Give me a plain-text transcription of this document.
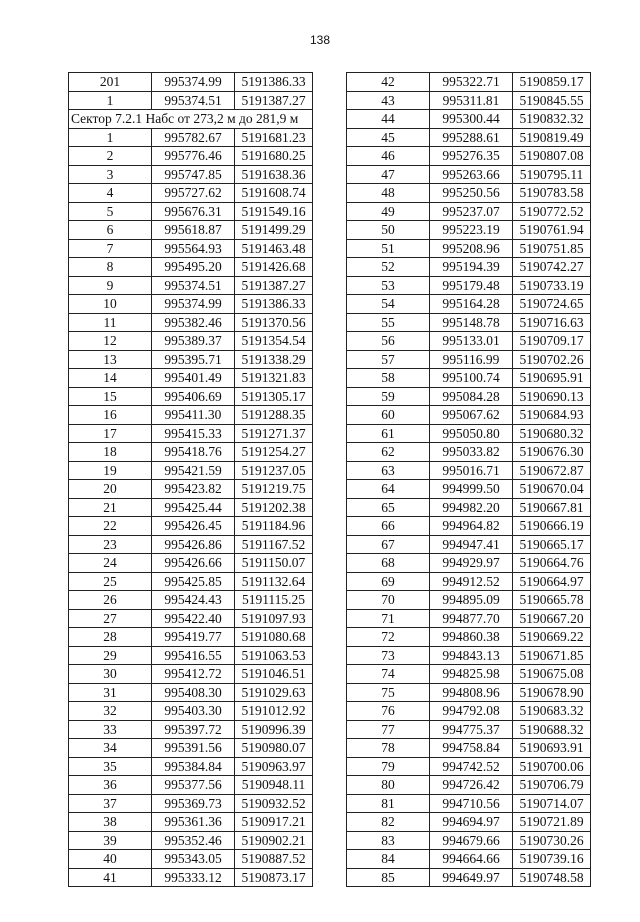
138
201	995374.99	5191386.33
1	995374.51	5191387.27
Сектор 7.2.1 Набс от 273,2 м до 281,9 м		
1	995782.67	5191681.23
2	995776.46	5191680.25
3	995747.85	5191638.36
4	995727.62	5191608.74
5	995676.31	5191549.16
6	995618.87	5191499.29
7	995564.93	5191463.48
8	995495.20	5191426.68
9	995374.51	5191387.27
10	995374.99	5191386.33
11	995382.46	5191370.56
12	995389.37	5191354.54
13	995395.71	5191338.29
14	995401.49	5191321.83
15	995406.69	5191305.17
16	995411.30	5191288.35
17	995415.33	5191271.37
18	995418.76	5191254.27
19	995421.59	5191237.05
20	995423.82	5191219.75
21	995425.44	5191202.38
22	995426.45	5191184.96
23	995426.86	5191167.52
24	995426.66	5191150.07
25	995425.85	5191132.64
26	995424.43	5191115.25
27	995422.40	5191097.93
28	995419.77	5191080.68
29	995416.55	5191063.53
30	995412.72	5191046.51
31	995408.30	5191029.63
32	995403.30	5191012.92
33	995397.72	5190996.39
34	995391.56	5190980.07
35	995384.84	5190963.97
36	995377.56	5190948.11
37	995369.73	5190932.52
38	995361.36	5190917.21
39	995352.46	5190902.21
40	995343.05	5190887.52
41	995333.12	5190873.17
42	995322.71	5190859.17
43	995311.81	5190845.55
44	995300.44	5190832.32
45	995288.61	5190819.49
46	995276.35	5190807.08
47	995263.66	5190795.11
48	995250.56	5190783.58
49	995237.07	5190772.52
50	995223.19	5190761.94
51	995208.96	5190751.85
52	995194.39	5190742.27
53	995179.48	5190733.19
54	995164.28	5190724.65
55	995148.78	5190716.63
56	995133.01	5190709.17
57	995116.99	5190702.26
58	995100.74	5190695.91
59	995084.28	5190690.13
60	995067.62	5190684.93
61	995050.80	5190680.32
62	995033.82	5190676.30
63	995016.71	5190672.87
64	994999.50	5190670.04
65	994982.20	5190667.81
66	994964.82	5190666.19
67	994947.41	5190665.17
68	994929.97	5190664.76
69	994912.52	5190664.97
70	994895.09	5190665.78
71	994877.70	5190667.20
72	994860.38	5190669.22
73	994843.13	5190671.85
74	994825.98	5190675.08
75	994808.96	5190678.90
76	994792.08	5190683.32
77	994775.37	5190688.32
78	994758.84	5190693.91
79	994742.52	5190700.06
80	994726.42	5190706.79
81	994710.56	5190714.07
82	994694.97	5190721.89
83	994679.66	5190730.26
84	994664.66	5190739.16
85	994649.97	5190748.58
